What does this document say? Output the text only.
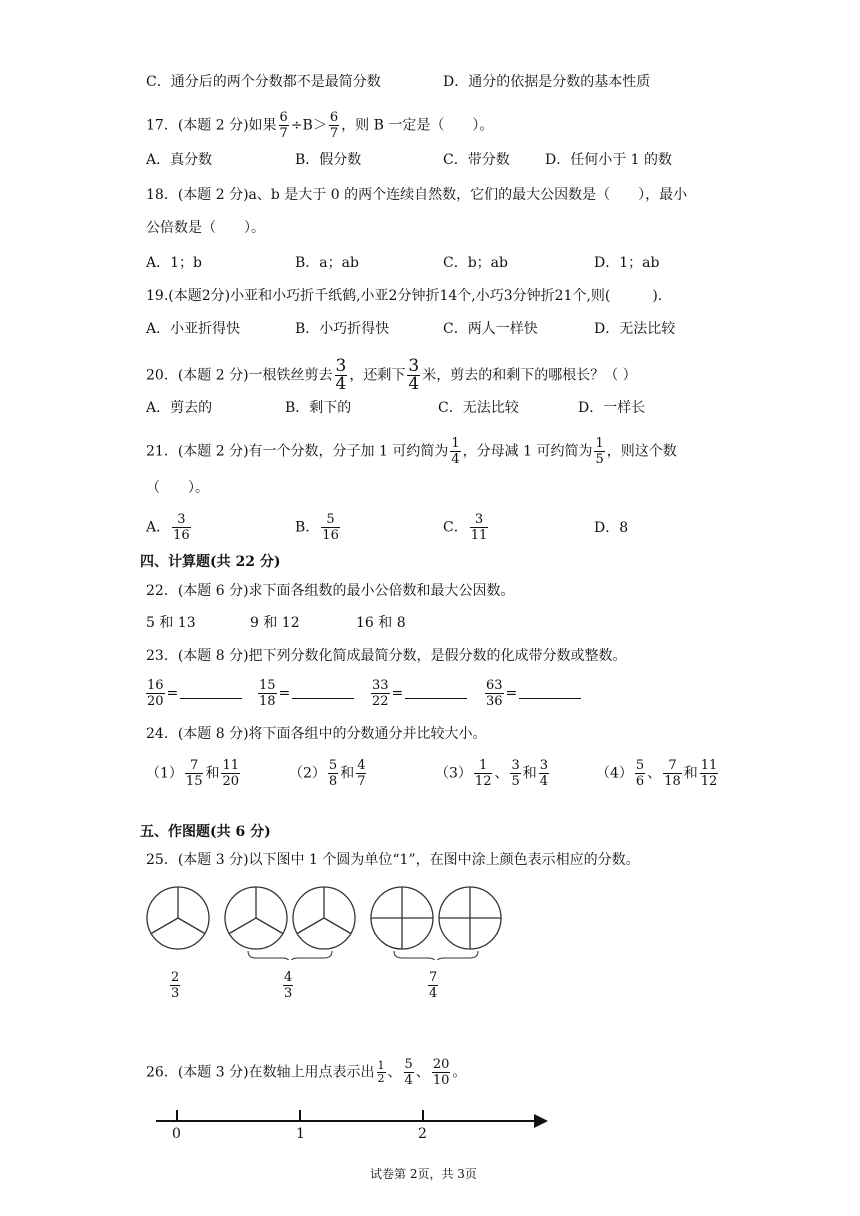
C．通分后的两个分数都不是最简分数	D．通分的依据是分数的基本性质
17．(本题 2 分)如果 $\frac{6}{7} \div B> \frac{6}{7}$ ，则 B 一定是（　　）。
A．真分数	B．假分数	C．带分数	D．任何小于 1 的数
18．(本题 2 分)a、b 是大于 0 的两个连续自然数，它们的最大公因数是（　　），最小
公倍数是（　　）。
A．1；b	B．a；ab	C．b；ab	D．1；ab
19.(本题2分)小亚和小巧折千纸鹤,小亚2分钟折14个,小巧3分钟折21个,则(　　　).
A．小亚折得快	B．小巧折得快	C．两人一样快	D．无法比较
20．(本题 2 分)一根铁丝剪去 $\frac{3}{4}$ ，还剩下 $\frac{3}{4}$ 米，剪去的和剩下的哪根长？（ ）
A．剪去的	B．剩下的	C．无法比较	D．一样长
21．(本题 2 分)有一个分数，分子加 1 可约简为 $\frac{1}{4}$ ，分母减 1 可约简为 $\frac{1}{5}$ ，则这个数
（　　）。
A． $\frac{3}{16}$	B． $\frac{5}{16}$	C． $\frac{3}{11}$	D．8
四、计算题(共 22 分)
22．(本题 6 分)求下面各组数的最小公倍数和最大公因数。
5 和 13	9 和 12	16 和 8
23．(本题 8 分)把下列分数化简成最简分数，是假分数的化成带分数或整数。
$\frac{16}{20}$ =	$\frac{15}{18}$ =	$\frac{33}{22}$ =	$\frac{63}{36}$ =
24．(本题 8 分)将下面各组中的分数通分并比较大小。
$(1) \frac{7}{15}$ 和 $\frac{11}{20}$	$(2) \frac{5}{8}$ 和 $\frac{4}{7}$	$(3) \frac{1}{12}$ 、 $\frac{3}{5}$ 和 $\frac{3}{4}$	$(4) \frac{5}{6}$ 、 $\frac{7}{18}$ 和 $\frac{11}{12}$
五、作图题(共 6 分)
25．(本题 3 分)以下图中 1 个圆为单位“1”，在图中涂上颜色表示相应的分数。
$\frac{2}{3}$	$\frac{4}{3}$	$\frac{7}{4}$
26．(本题 3 分)在数轴上用点表示出 $\frac{1}{2}$ 、 $\frac{5}{4}$ 、 $\frac{20}{10}$ 。
0	1	2
试卷第 2页，共 3页
